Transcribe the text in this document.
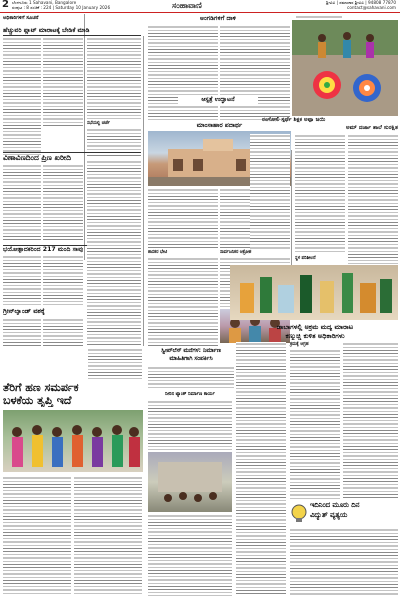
2 ಬೆಂಗಳೂರು 1 Sahavani, Bangalore
ಸಂಪುಟ : 8 ಸಂಚಿಕೆ : 224 | Saturday 10 January 2026	ಸಂಹಾವಾಣಿ	ಶ್ರೀವಿವಿ | ಸಮಾಚಾರ ಶ್ರೀವಿವಿ | 94808 77870
contact@sahavani.com
ಅಧಿಕಾರಿಗಳಿಗೆ ಸೂಚನೆ
ಹೆಚ್ಚುವರಿ ಪ್ಲಾಟ್ ಮಾರಾಟಕ್ಕೆ ಬೇಡಿಕೆ ಮಾಡಿ
ಸಭೆಯಲ್ಲಿ ಚರ್ಚೆ
ವಿಣಾವಿಣದಿಂದ ಪ್ರಿಣ ಖರೀದಿ
ಭಯೋತ್ಪಾದಕರಿಂದ 217 ಮಂದಿ ಸಾವು
ಗ್ರೀನ್‌ಲ್ಯಾಂಡ್ ವಶಕ್ಕೆ
ಅಂಗಡಿಗಳಿಗೆ ದಾಳಿ
ಆಸ್ಪತ್ರೆ ಉದ್ಘಾಟನೆ
ಮಾಂಸಾಹಾರ ಪದಾರ್ಥ
ಶಾಸಕರ ಭೇಟಿ	ಸಾರ್ವಜನಿಕರ ಆಕ್ರೋಶ
ರಂಗೋಲಿ ಸ್ಪರ್ಧೆ ಶಿಕ್ಷಕ ಅಪ್ಪಾ ಜಯಿ
ಅಮ್ ದರ್ಜಾ ಶಾಲೆ ಸುರಕ್ಷಿತ
ಸ್ಥಳ ಪರಿಶೀಲನೆ
ಡಾಬಾಗಳಲ್ಲಿ ಅಕ್ರಮ ಮದ್ಯ ಮಾರಾಟ
ಕಣ್ಮುಚ್ಚಿ ಕುಳಿತ ಅಧಿಕಾರಿಗಳು
ಸ್ವೀಪ್‌ಲೆಸ್ ಮನೆಗಳ: ನಿರ್ಮಾಣ
ಮಾಹಿತಿಗಾಗಿ ಸಂಪರ್ಕಿಸಿ
ತೆರಿಗೆ ಹಣ ಸಮರ್ಪಕ
ಬಳಕೆಯ ತೃಪ್ತಿ ಇದೆ	ನೀರಿನ ಟ್ಯಾಂಕ್ ನಿರ್ಮಾಣ ಕಾರ್ಯ
ಕ್ರಮಕ್ಕೆ ಆಗ್ರಹ
ಇದಿನಿಂದ ಮೂರು ದಿನ
ವಿದ್ಯುತ್ ವ್ಯತ್ಯಯ
